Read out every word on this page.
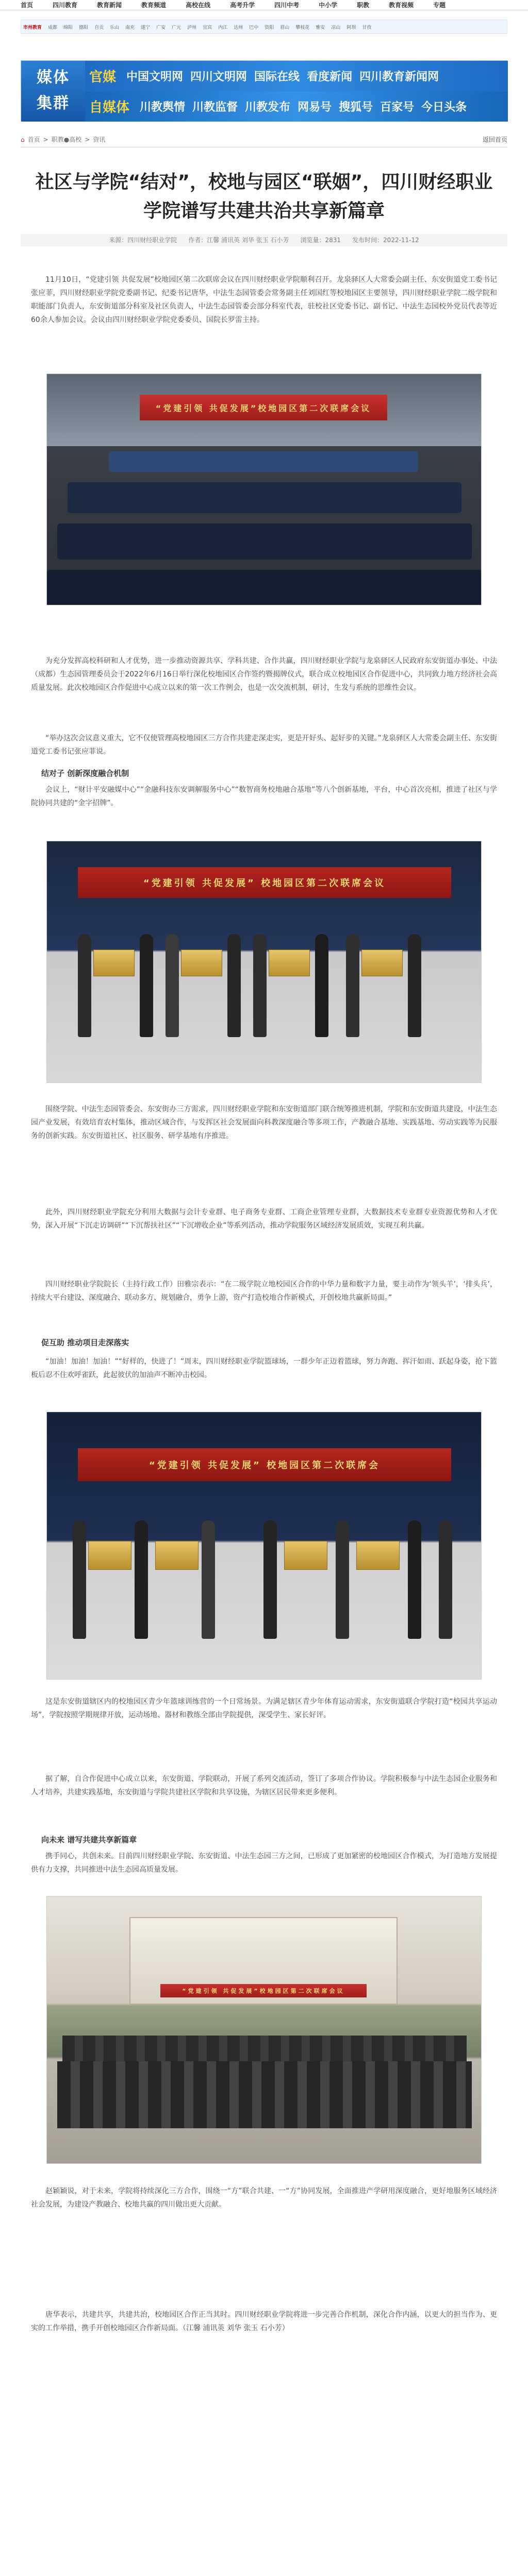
首页	四川教育	教育新闻	教育频道	高校在线	高考升学	四川中考	中小学	职教	教育视频	专题
市州教育 成都 绵阳 德阳 自贡 乐山 南充 遂宁 广安 广元 泸州 宜宾 内江 达州 巴中 资阳 眉山 攀枝花 雅安 凉山 阿坝 甘孜
媒体
集群
官媒 中国文明网 四川文明网 国际在线 看度新闻 四川教育新闻网
自媒体 川教舆情 川教监督 川教发布 网易号 搜狐号 百家号 今日头条
⌂ 首页 > 职教●高校 > 资讯	返回首页
社区与学院“结对”，校地与园区“联姻”，四川财经职业
学院谱写共建共治共享新篇章
来源：四川财经职业学院 作者：江馨 浦讯英 刘华 张玉 石小芳 浏览量：2831 发布时间：2022-11-12
11月10日，“党建引领 共促发展”校地园区第二次联席会议在四川财经职业学院顺利召开。龙泉驿区人大常委会副主任、东安街道党工委书记张应菲，四川财经职业学院党委副书记、纪委书记唐华，中法生态园管委会常务副主任刘国红等校地园区主要领导，四川财经职业学院二级学院和职能部门负责人，东安街道部分科室及社区负责人，中法生态园管委会部分科室代表，驻校社区党委书记、副书记、中法生态园校外党员代表等近60余人参加会议。会议由四川财经职业学院党委委员、国院长罗雷主持。
“党建引领 共促发展”校地园区第二次联席会议
为充分发挥高校科研和人才优势，进一步推动资源共享、学科共建、合作共赢，四川财经职业学院与龙泉驿区人民政府东安街道办事处、中法（成都）生态园管理委员会于2022年6月16日举行深化校地园区合作签约暨揭牌仪式，联合成立校地园区合作促进中心，共同致力地方经济社会高质量发展。此次校地园区合作促进中心成立以来的第一次工作例会，也是一次交流机制，研讨，生发与系统的思维性会议。
“举办这次会议意义重大，它不仅使管理高校地园区三方合作共建走深走实，更是开好头、起好步的关键。”龙泉驿区人大常委会副主任、东安街道党工委书记张应菲说。
结对子 创新深度融合机制
会议上，“财计平安融媒中心”“金融科技东安调解服务中心”“数智商务校地融合基地”等八个创新基地，平台，中心首次亮相，推进了社区与学院协同共建的“金字招牌”。
“党建引领 共促发展” 校地园区第二次联席会议
围绕学院、中法生态园管委会、东安街办三方需求，四川财经职业学院和东安街道部门联合统筹推进机制，学院和东安街道共建设，中法生态园产业发展，有效培育农村集体，推动区域合作，与发挥区社会发展面向科教深度融合等多项工作，产教融合基地、实践基地、劳动实践等为民服务的创新实践。东安街道社区、社区服务、研学基地有序推进。
此外，四川财经职业学院充分利用大数据与会计专业群、电子商务专业群、工商企业管理专业群，大数据技术专业群专业资源优势和人才优势，深入开展“下沉走访调研”“下沉帮扶社区”“下沉增收企业”等系列活动，推动学院服务区域经济发展质效，实现互利共赢。
四川财经职业学院院长（主持行政工作）田雅宗表示：“在二级学院立地校园区合作的中华力量和数字力量，要主动作为‘领头羊’，‘排头兵’，持续大平台建设、深度融合、联动多方、规划融合，勇争上游，资产打造校地合作新模式，开创校地共赢新局面。”
促互助 推动项目走深落实
“加油！加油！加油！”“好样的，快进了！”周末，四川财经职业学院篮球场，一群少年正迈着篮球，努力奔跑、挥汗如雨、跃起身姿，抢下篮板后忍不住欢呼雀跃，此起彼伏的加油声不断冲击校园。
“党建引领 共促发展” 校地园区第二次联席会
这是东安街道辖区内的校地园区青少年篮球训练营的一个日常场景。为满足辖区青少年体育运动需求，东安街道联合学院打造“校园共享运动场”，学院按照学期规律开放，运动场地、器材和教练全部由学院提供，深受学生、家长好评。
据了解，自合作促进中心成立以来，东安街道、学院联动，开展了系列交流活动，签订了多项合作协议。学院积极参与中法生态园企业服务和人才培养，共建实践基地，东安街道与学院共建社区学院和共享设施，为辖区居民带来更多便利。
向未来 谱写共建共享新篇章
携手同心，共创未来。目前四川财经职业学院、东安街道、中法生态园三方之间，已形成了更加紧密的校地园区合作模式，为打造地方发展提供有力支撑，共同推进中法生态园高质量发展。
“党建引领 共促发展”校地园区第二次联席会议
赵颖颖说，对于未来，学院将持续深化三方合作，围绕一“方”联合共建、一“方”协同发展，全面推进产学研用深度融合，更好地服务区域经济社会发展，为建设产教融合、校地共赢的四川做出更大贡献。
唐华表示，共建共享，共建共治，校地园区合作正当其时。四川财经职业学院将进一步完善合作机制，深化合作内涵，以更大的担当作为、更实的工作举措，携手开创校地园区合作新局面。（江馨 浦讯英 刘华 张玉 石小芳）
